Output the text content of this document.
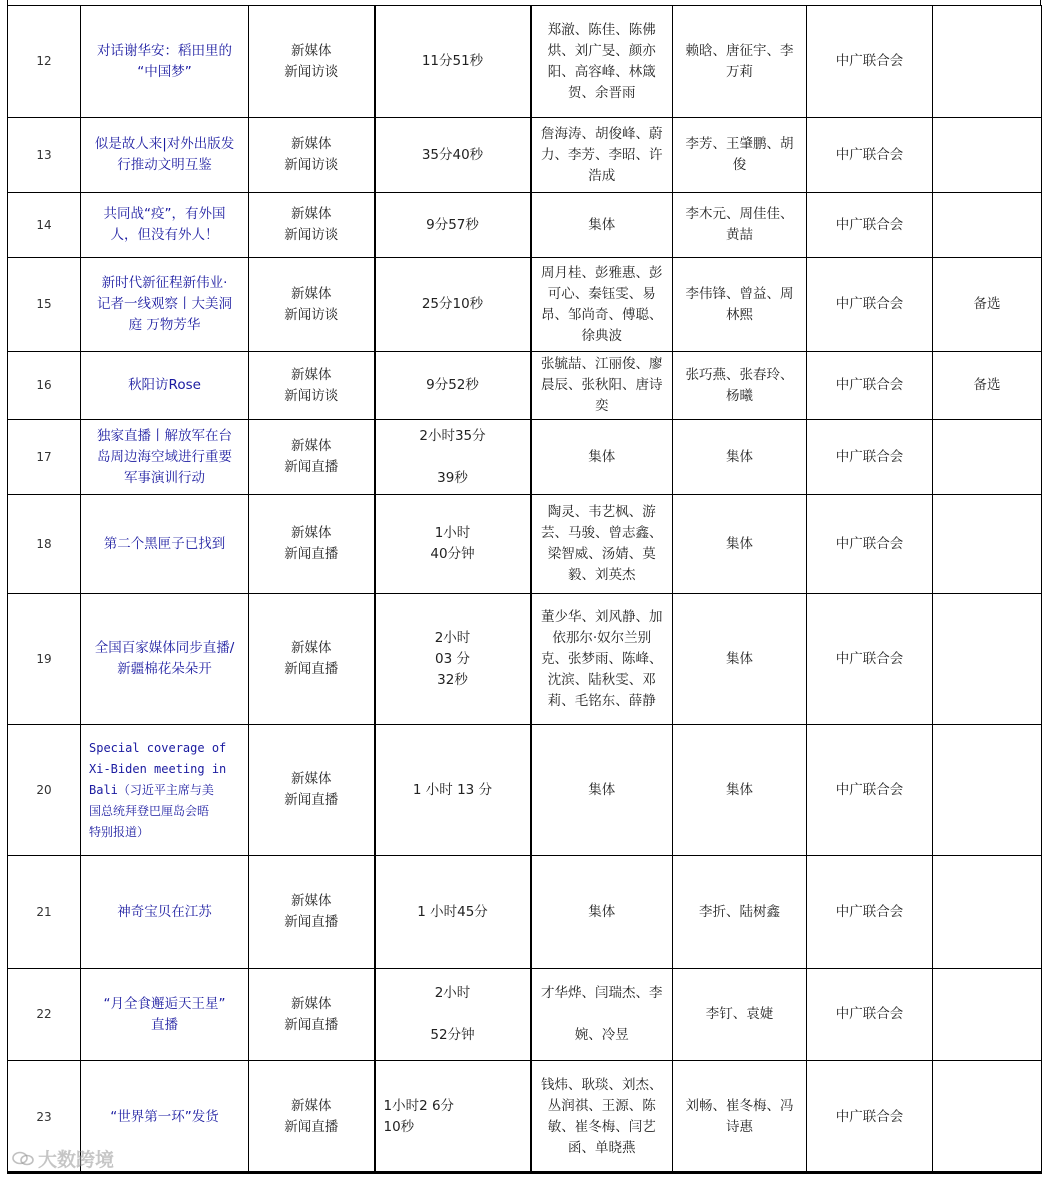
12	对话谢华安：稻田里的
“中国梦”	新媒体
新闻访谈	11分51秒	郑澈、陈佳、陈佛
烘、刘广旻、颜亦
阳、高容峰、林箴
贺、余晋雨	赖晗、唐征宇、李
万莉	中广联合会	
13	似是故人来|对外出版发
行推动文明互鉴	新媒体
新闻访谈	35分40秒	詹海涛、胡俊峰、蔚
力、李芳、李昭、许
浩成	李芳、王肇鹏、胡
俊	中广联合会	
14	共同战“疫”，有外国
人，但没有外人！	新媒体
新闻访谈	9分57秒	集体	李木元、周佳佳、
黄喆	中广联合会	
15	新时代新征程新伟业·
记者一线观察丨大美洞
庭 万物芳华	新媒体
新闻访谈	25分10秒	周月桂、彭雅惠、彭
可心、秦钰雯、易
昂、邹尚奇、傅聪、
徐典波	李伟锋、曾益、周
林熙	中广联合会	备选
16	秋阳访Rose	新媒体
新闻访谈	9分52秒	张毓喆、江丽俊、廖
晨辰、张秋阳、唐诗
奕	张巧燕、张春玲、
杨曦	中广联合会	备选
17	独家直播丨解放军在台
岛周边海空域进行重要
军事演训行动	新媒体
新闻直播	2小时35分

39秒	集体	集体	中广联合会	
18	第二个黑匣子已找到	新媒体
新闻直播	1小时
40分钟	陶灵、韦艺枫、游
芸、马骏、曾志鑫、
梁智威、汤婧、莫
毅、刘英杰	集体	中广联合会	
19	全国百家媒体同步直播/
新疆棉花朵朵开	新媒体
新闻直播	2小时
03 分
32秒	董少华、刘风静、加
依那尔·奴尔兰别
克、张梦雨、陈峰、
沈滨、陆秋雯、邓
莉、毛铭东、薛静	集体	中广联合会	
20	Special coverage of
Xi-Biden meeting in
Bali（习近平主席与美
国总统拜登巴厘岛会晤
特别报道）	新媒体
新闻直播	1 小时 13 分	集体	集体	中广联合会	
21	神奇宝贝在江苏	新媒体
新闻直播	1 小时45分	集体	李折、陆树鑫	中广联合会	
22	“月全食邂逅天王星”
直播	新媒体
新闻直播	2小时

52分钟	才华烨、闫瑞杰、李

婉、冷昱	李钉、袁婕	中广联合会	
23	“世界第一环”发货	新媒体
新闻直播	1小时2 6分
10秒	钱炜、耿琰、刘杰、
丛润祺、王源、陈
敏、崔冬梅、闫艺
函、单晓燕	刘畅、崔冬梅、冯
诗惠	中广联合会	
大数跨境
